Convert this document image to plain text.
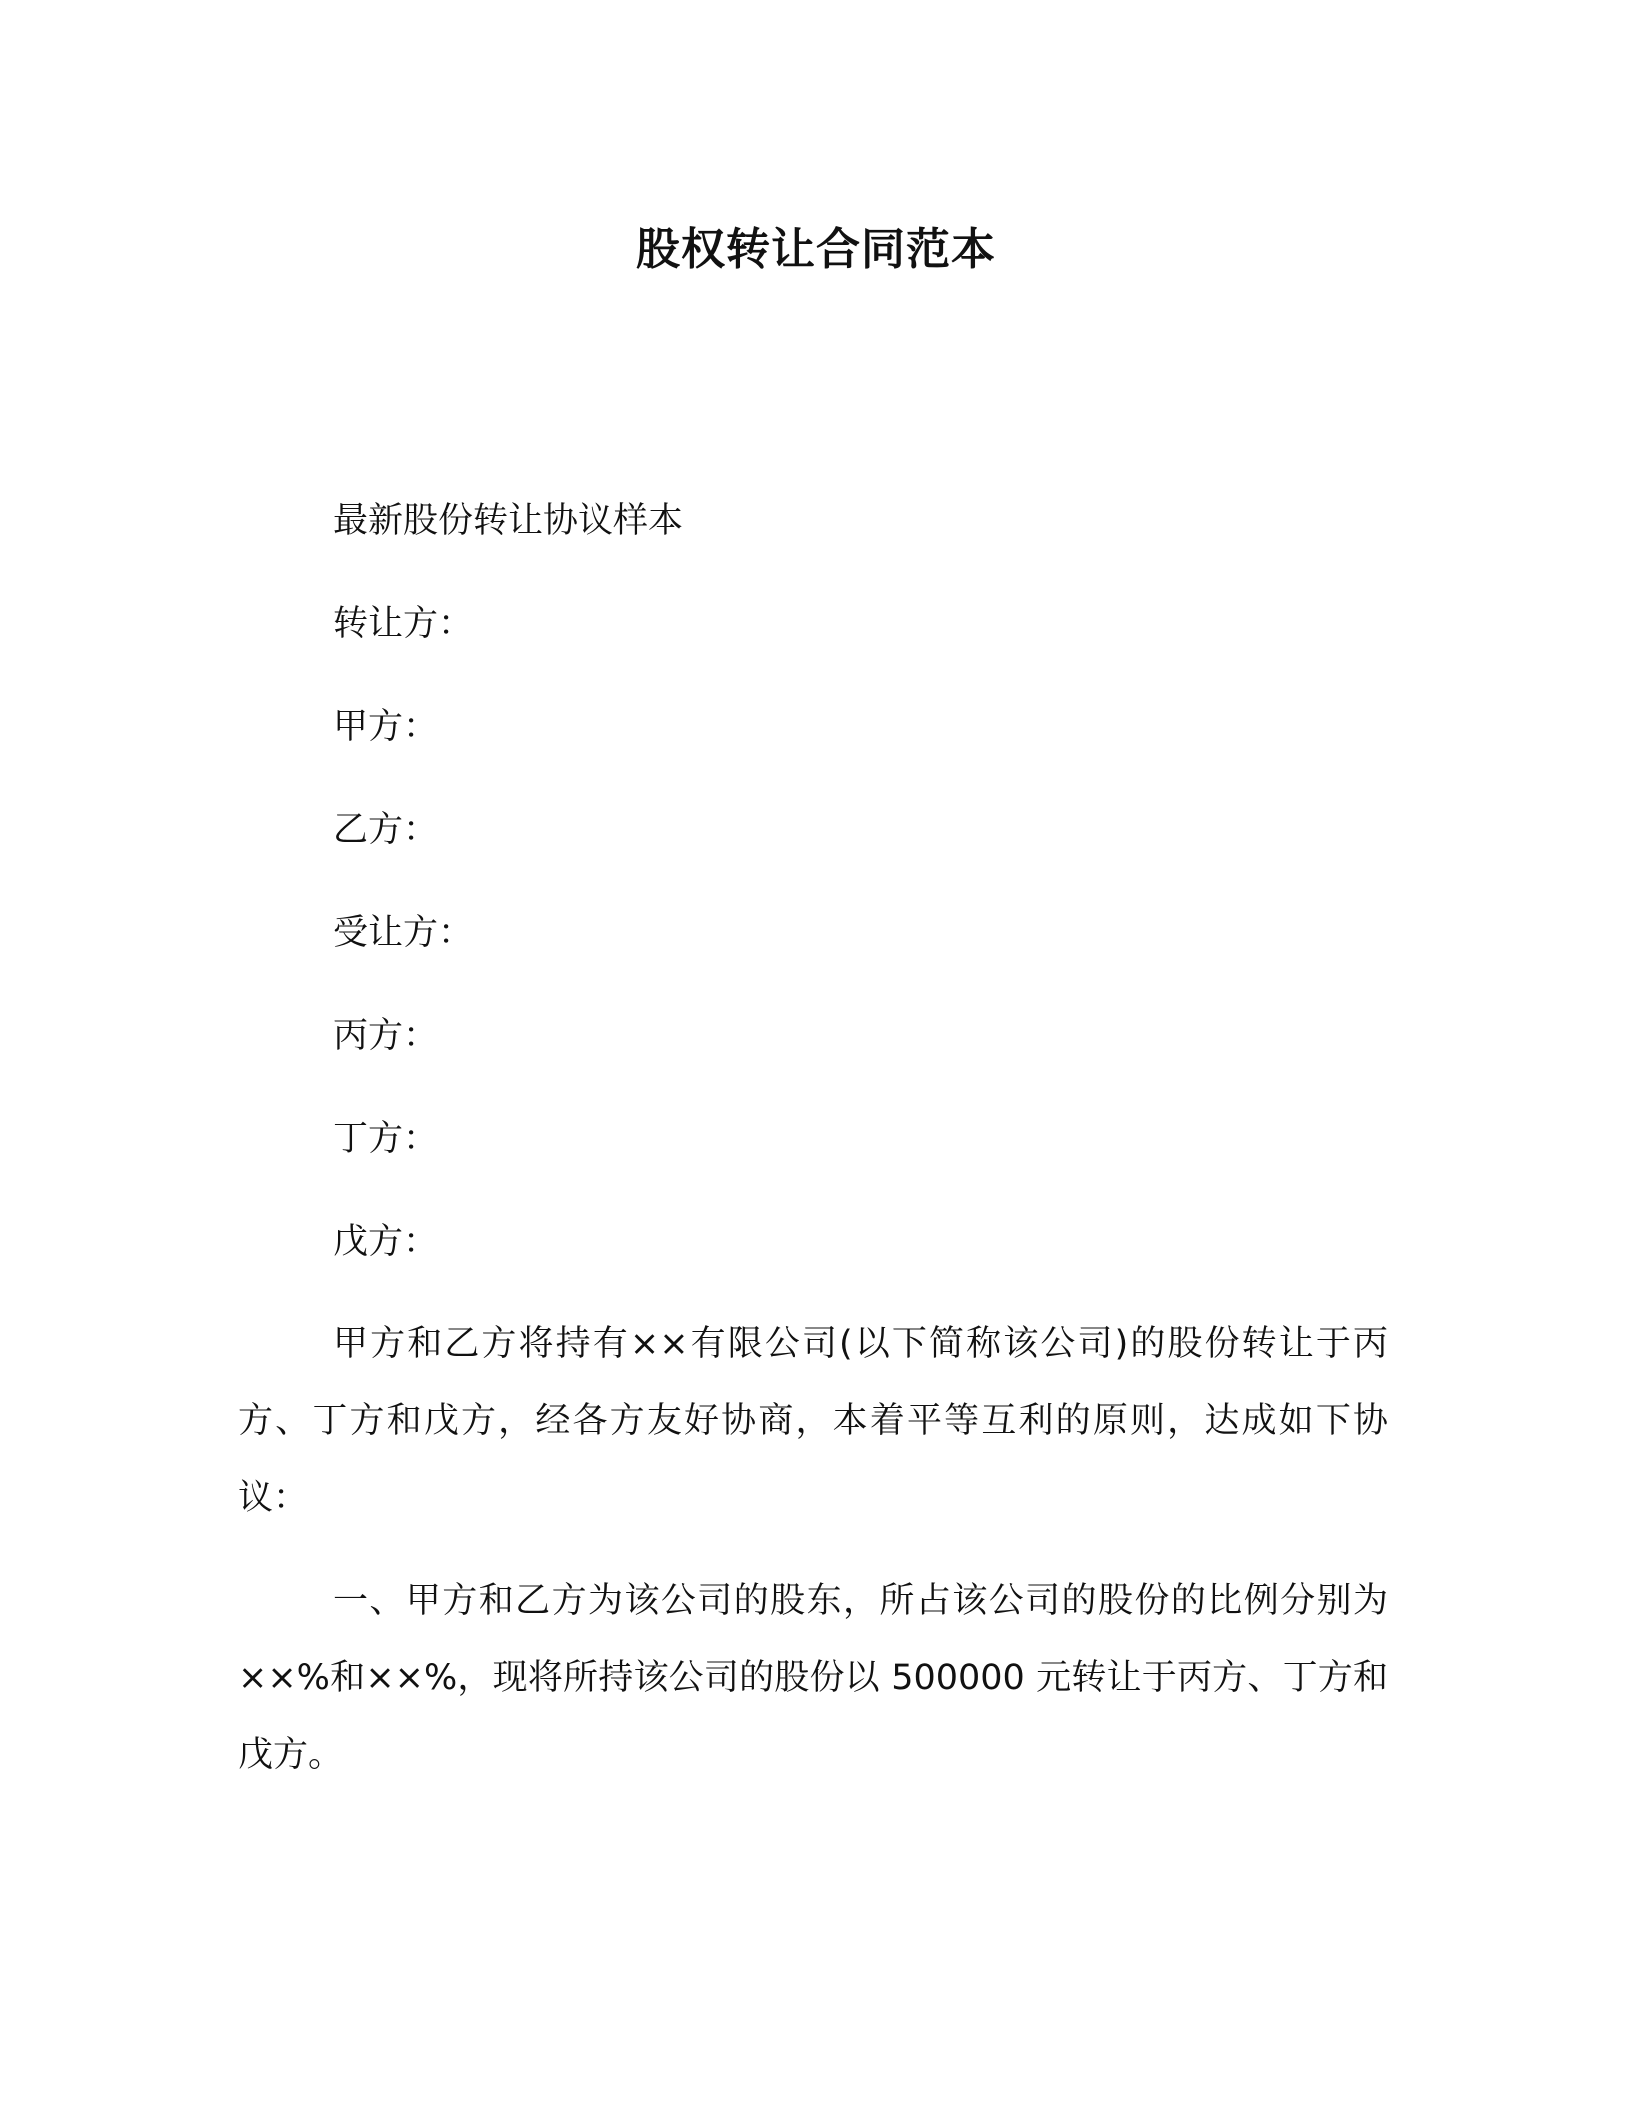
股权转让合同范本
最新股份转让协议样本
转让方：
甲方：
乙方：
受让方：
丙方：
丁方：
戊方：
甲方和乙方将持有××有限公司(以下简称该公司)的股份转让于丙方、丁方和戊方，经各方友好协商，本着平等互利的原则，达成如下协议：
一、甲方和乙方为该公司的股东，所占该公司的股份的比例分别为××%和××%，现将所持该公司的股份以 500000 元转让于丙方、丁方和戊方。
